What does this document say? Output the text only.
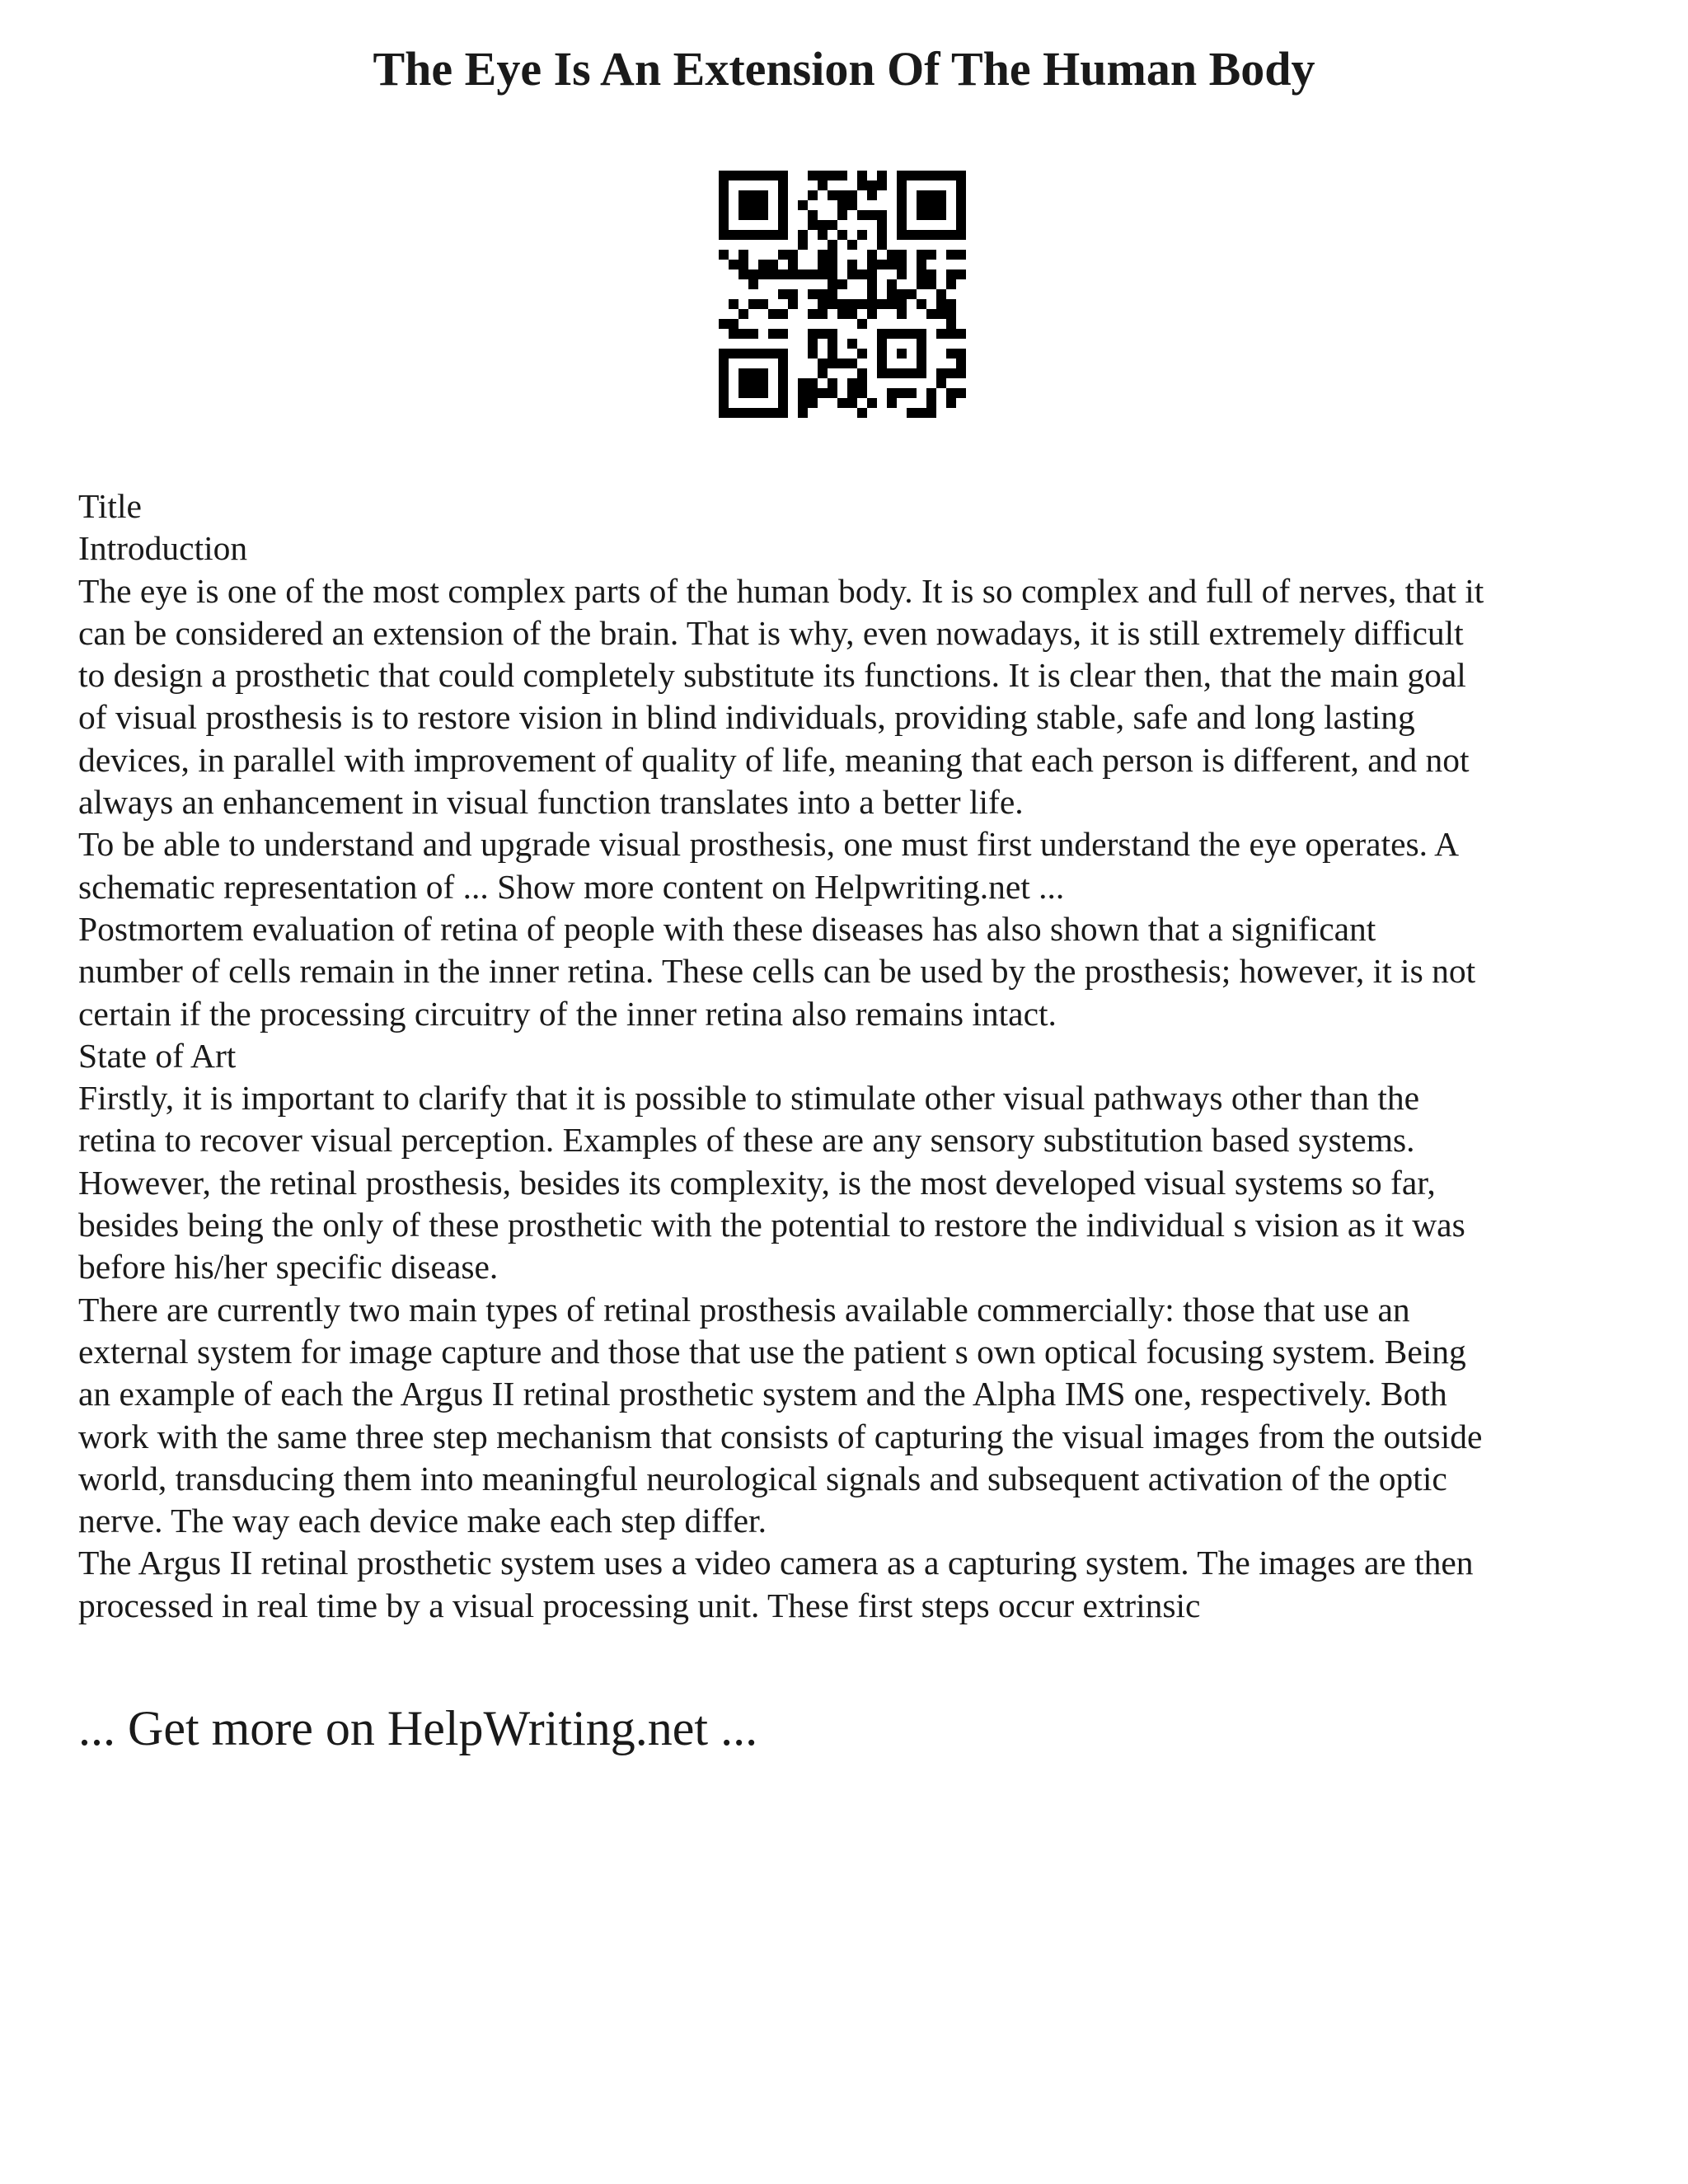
The Eye Is An Extension Of The Human Body
Title
Introduction
The eye is one of the most complex parts of the human body. It is so complex and full of nerves, that it
can be considered an extension of the brain. That is why, even nowadays, it is still extremely difficult
to design a prosthetic that could completely substitute its functions. It is clear then, that the main goal
of visual prosthesis is to restore vision in blind individuals, providing stable, safe and long lasting
devices, in parallel with improvement of quality of life, meaning that each person is different, and not
always an enhancement in visual function translates into a better life.
To be able to understand and upgrade visual prosthesis, one must first understand the eye operates. A
schematic representation of ... Show more content on Helpwriting.net ...
Postmortem evaluation of retina of people with these diseases has also shown that a significant
number of cells remain in the inner retina. These cells can be used by the prosthesis; however, it is not
certain if the processing circuitry of the inner retina also remains intact.
State of Art
Firstly, it is important to clarify that it is possible to stimulate other visual pathways other than the
retina to recover visual perception. Examples of these are any sensory substitution based systems.
However, the retinal prosthesis, besides its complexity, is the most developed visual systems so far,
besides being the only of these prosthetic with the potential to restore the individual s vision as it was
before his/her specific disease.
There are currently two main types of retinal prosthesis available commercially: those that use an
external system for image capture and those that use the patient s own optical focusing system. Being
an example of each the Argus II retinal prosthetic system and the Alpha IMS one, respectively. Both
work with the same three step mechanism that consists of capturing the visual images from the outside
world, transducing them into meaningful neurological signals and subsequent activation of the optic
nerve. The way each device make each step differ.
The Argus II retinal prosthetic system uses a video camera as a capturing system. The images are then
processed in real time by a visual processing unit. These first steps occur extrinsic
... Get more on HelpWriting.net ...
